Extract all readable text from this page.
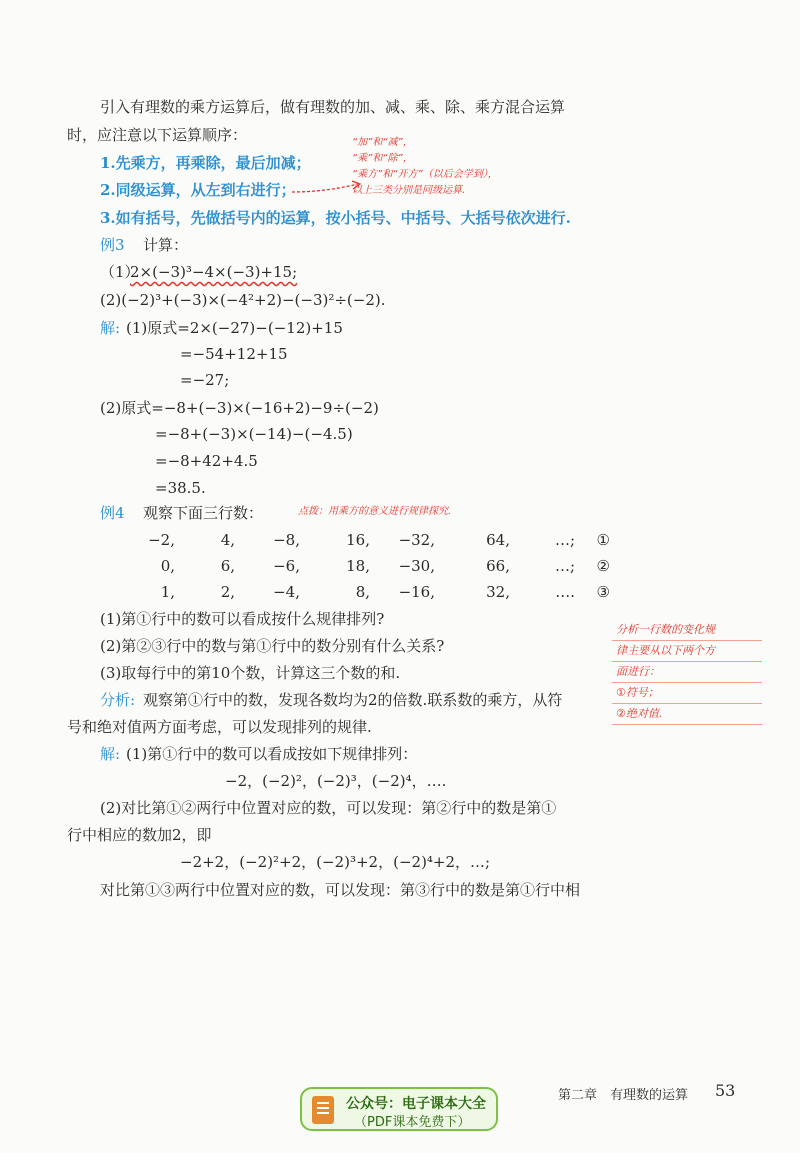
引入有理数的乘方运算后，做有理数的加、减、乘、除、乘方混合运算
时，应注意以下运算顺序：
1.先乘方，再乘除，最后加减；
2.同级运算，从左到右进行；
3.如有括号，先做括号内的运算，按小括号、中括号、大括号依次进行.
“加”和“减”，
“乘”和“除”，
“乘方”和“开方”（以后会学到），
以上三类分别是同级运算.
例3 计算：
（1）
2×(−3)³−4×(−3)+15;
(2)(−2)³+(−3)×(−4²+2)−(−3)²÷(−2).
解: (1)原式=2×(−27)−(−12)+15
=−54+12+15
=−27;
(2)原式=−8+(−3)×(−16+2)−9÷(−2)
=−8+(−3)×(−14)−(−4.5)
=−8+42+4.5
=38.5.
例4 观察下面三行数：	点拨：用乘方的意义进行规律探究.
−2,	4,	−8,	16,	−32,	64,	…;	①
0,	6,	−6,	18,	−30,	66,	…;	②
1,	2,	−4,	8,	−16,	32,	….	③
(1)第①行中的数可以看成按什么规律排列?
(2)第②③行中的数与第①行中的数分别有什么关系?
(3)取每行中的第10个数，计算这三个数的和.
分析: 观察第①行中的数，发现各数均为2的倍数.联系数的乘方，从符
号和绝对值两方面考虑，可以发现排列的规律.
解: (1)第①行中的数可以看成按如下规律排列：
−2，(−2)²，(−2)³，(−2)⁴，….
(2)对比第①②两行中位置对应的数，可以发现：第②行中的数是第①
行中相应的数加2，即
−2+2，(−2)²+2，(−2)³+2，(−2)⁴+2，…;
对比第①③两行中位置对应的数，可以发现：第③行中的数是第①行中相
分析一行数的变化规
律主要从以下两个方
面进行：
①符号；
②绝对值.
第二章　有理数的运算 53
公众号：电子课本大全
（PDF课本免费下）
